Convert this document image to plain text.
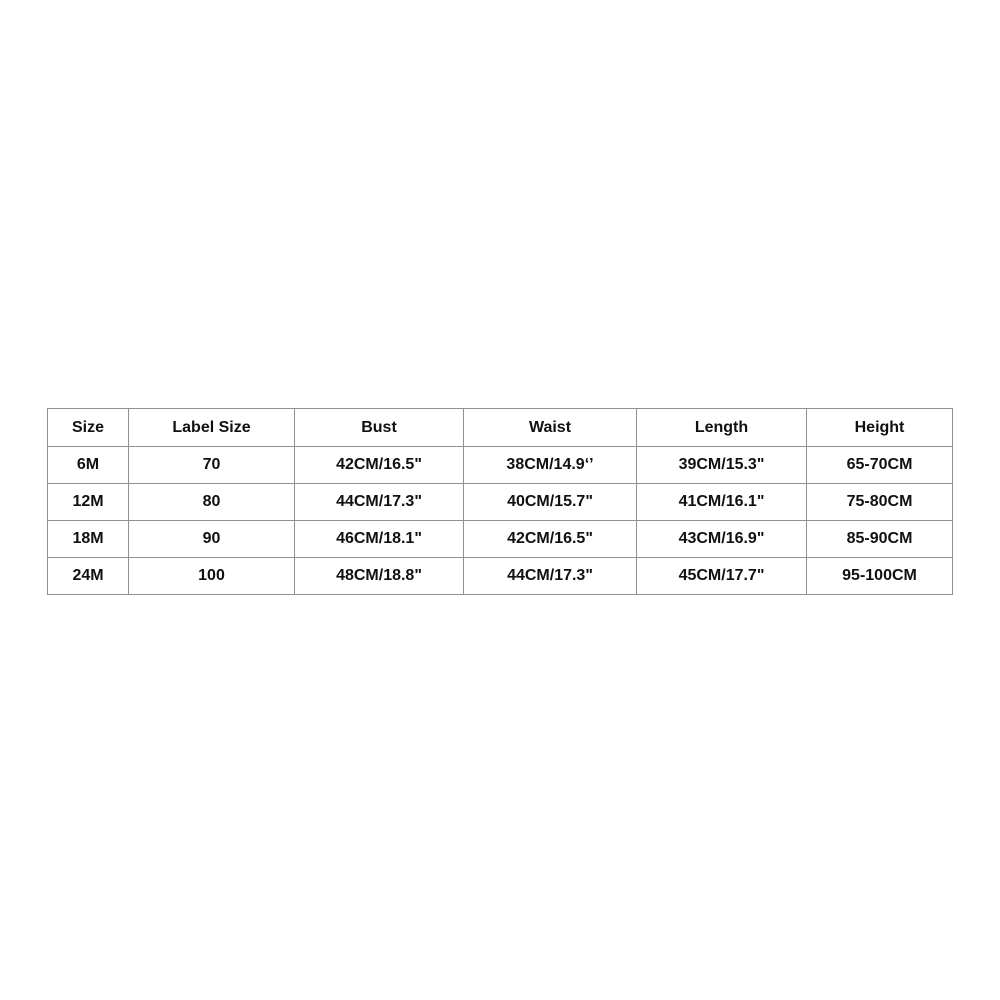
Size	Label Size	Bust	Waist	Length	Height
6M	70	42CM/16.5"	38CM/14.9‘’	39CM/15.3"	65-70CM
12M	80	44CM/17.3"	40CM/15.7"	41CM/16.1"	75-80CM
18M	90	46CM/18.1"	42CM/16.5"	43CM/16.9"	85-90CM
24M	100	48CM/18.8"	44CM/17.3"	45CM/17.7"	95-100CM
